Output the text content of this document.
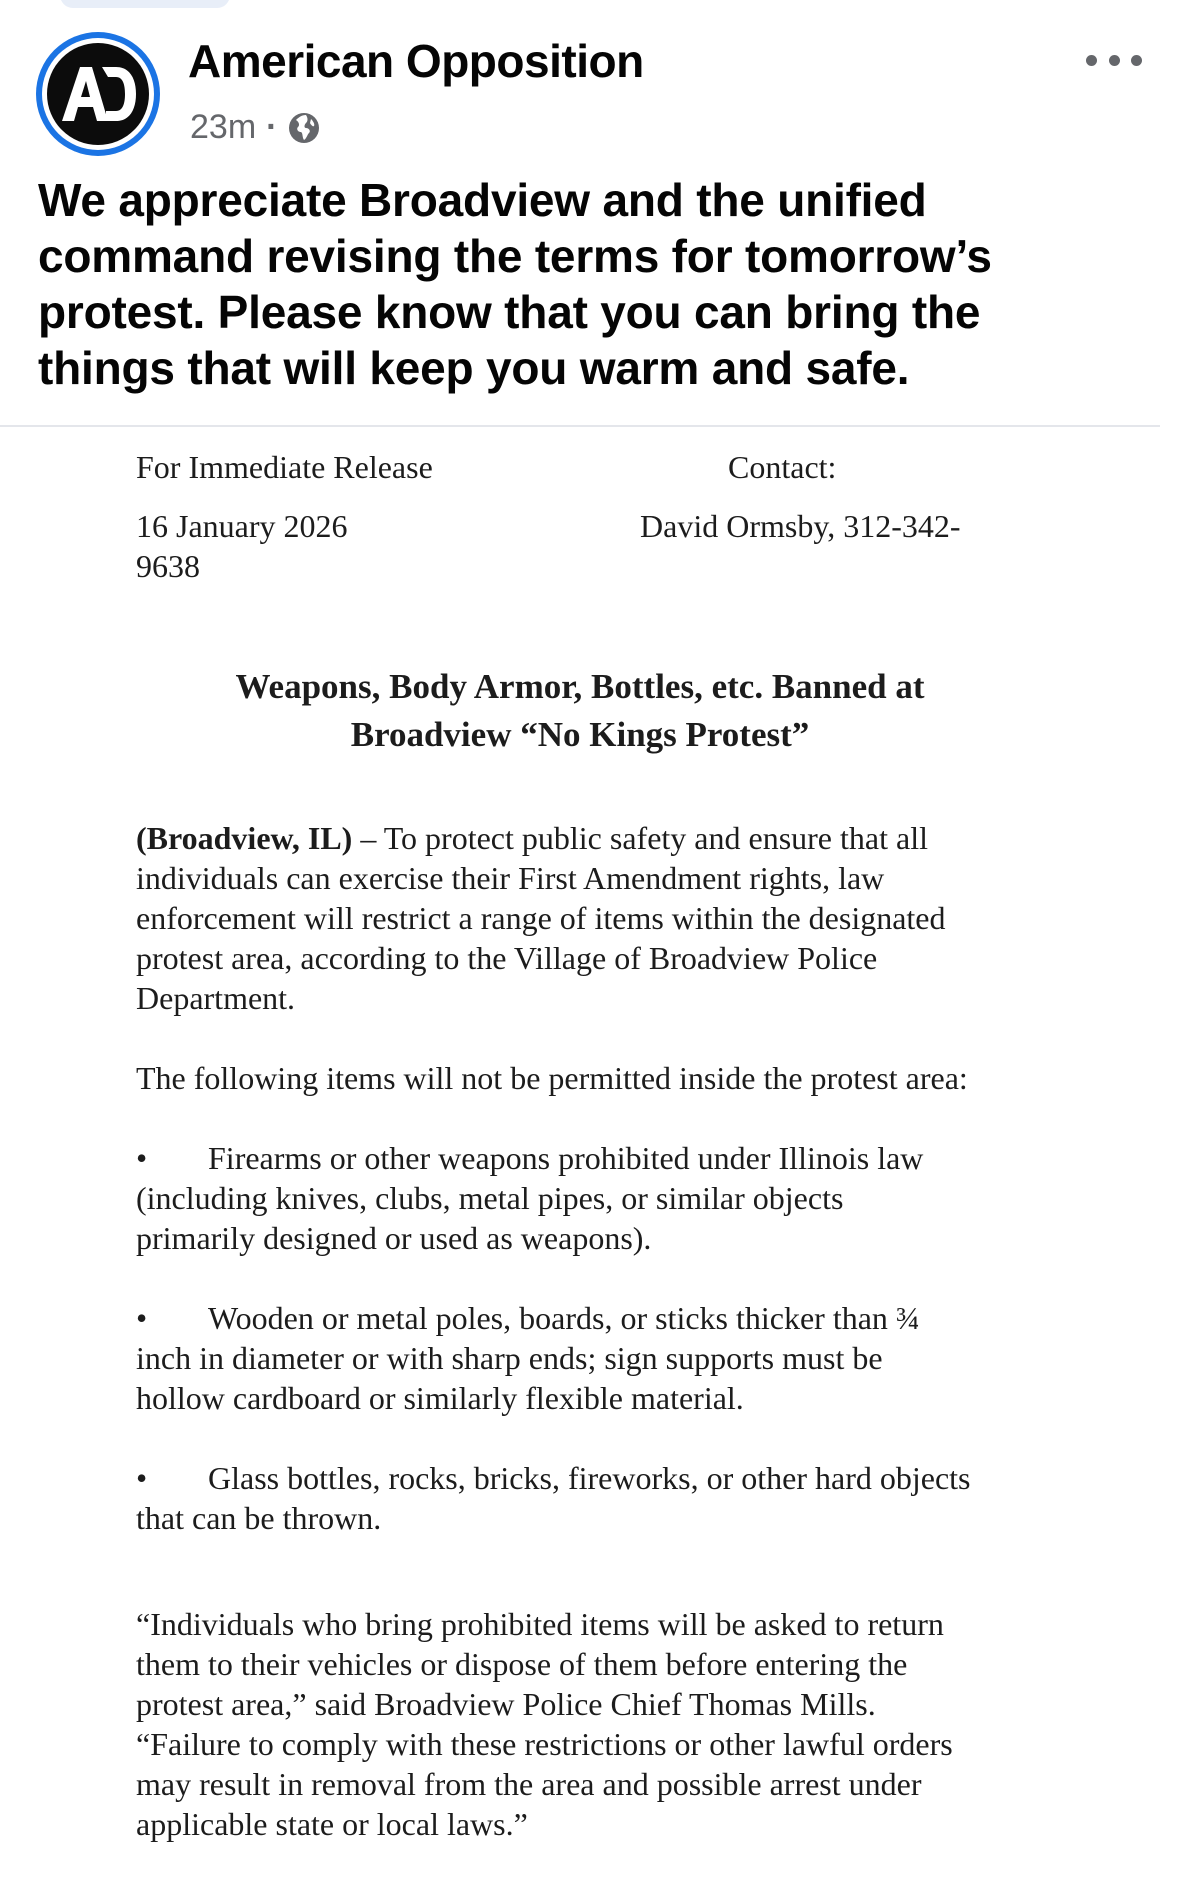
American Opposition
23m ·
We appreciate Broadview and the unified
command revising the terms for tomorrow’s
protest. Please know that you can bring the
things that will keep you warm and safe.
For Immediate Release	Contact:
16 January 2026	David Ormsby, 312-342-
9638
Weapons, Body Armor, Bottles, etc. Banned at
Broadview “No Kings Protest”
(Broadview, IL) – To protect public safety and ensure that all
individuals can exercise their First Amendment rights, law
enforcement will restrict a range of items within the designated
protest area, according to the Village of Broadview Police
Department.
The following items will not be permitted inside the protest area:
• Firearms or other weapons prohibited under Illinois law
(including knives, clubs, metal pipes, or similar objects
primarily designed or used as weapons).
• Wooden or metal poles, boards, or sticks thicker than ¾
inch in diameter or with sharp ends; sign supports must be
hollow cardboard or similarly flexible material.
• Glass bottles, rocks, bricks, fireworks, or other hard objects
that can be thrown.
“Individuals who bring prohibited items will be asked to return
them to their vehicles or dispose of them before entering the
protest area,” said Broadview Police Chief Thomas Mills.
“Failure to comply with these restrictions or other lawful orders
may result in removal from the area and possible arrest under
applicable state or local laws.”
